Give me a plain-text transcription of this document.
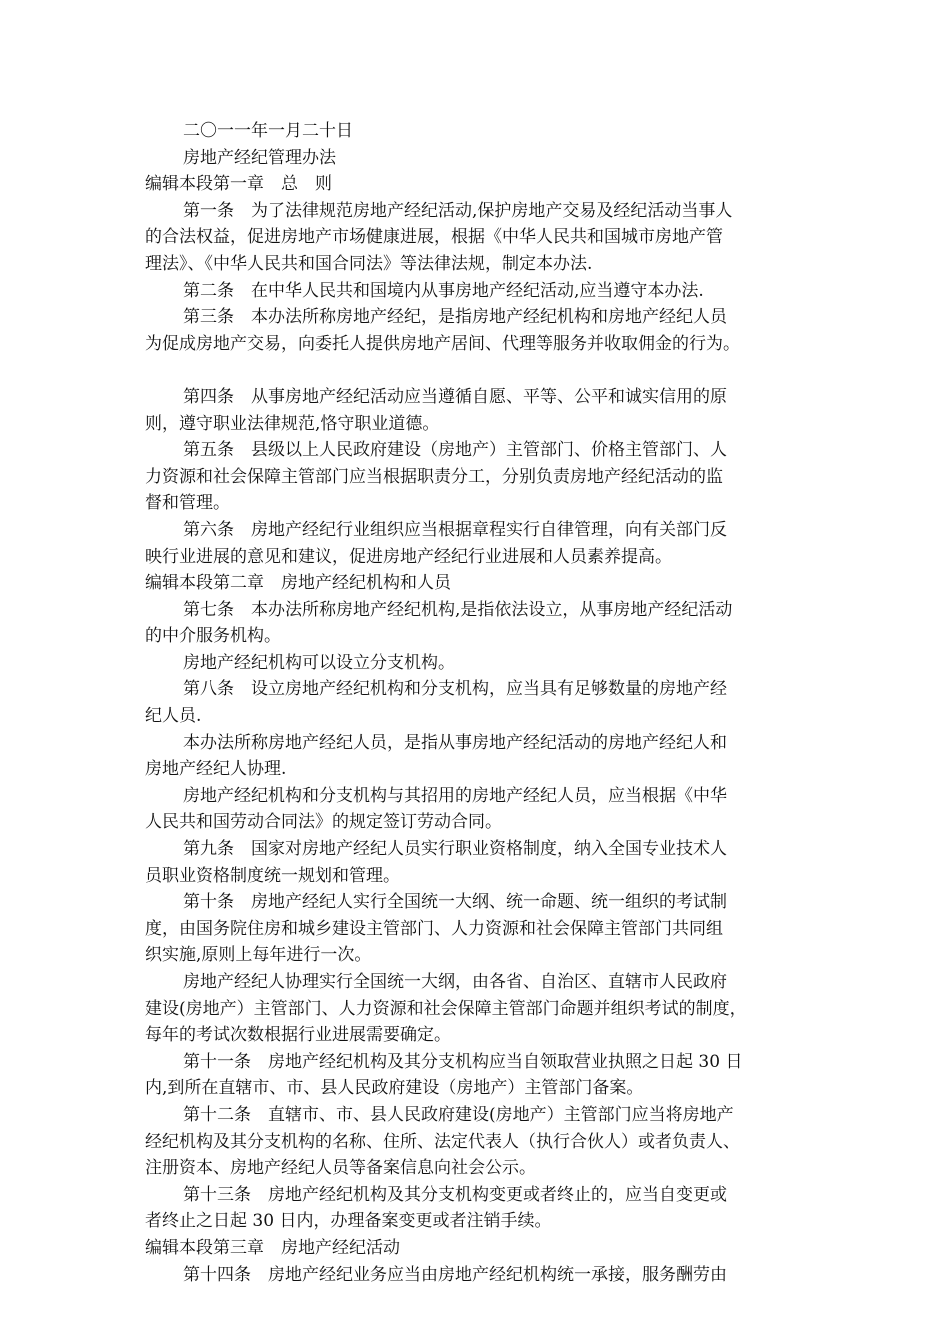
二〇一一年一月二十日
房地产经纪管理办法
编辑本段第一章　总　则
第一条　为了法律规范房地产经纪活动,保护房地产交易及经纪活动当事人
的合法权益，促进房地产市场健康进展，根据《中华人民共和国城市房地产管
理法》、《中华人民共和国合同法》等法律法规，制定本办法.
第二条　在中华人民共和国境内从事房地产经纪活动,应当遵守本办法.
第三条　本办法所称房地产经纪，是指房地产经纪机构和房地产经纪人员
为促成房地产交易，向委托人提供房地产居间、代理等服务并收取佣金的行为。
第四条　从事房地产经纪活动应当遵循自愿、平等、公平和诚实信用的原
则，遵守职业法律规范,恪守职业道德。
第五条　县级以上人民政府建设（房地产）主管部门、价格主管部门、人
力资源和社会保障主管部门应当根据职责分工，分别负责房地产经纪活动的监
督和管理。
第六条　房地产经纪行业组织应当根据章程实行自律管理，向有关部门反
映行业进展的意见和建议，促进房地产经纪行业进展和人员素养提高。
编辑本段第二章　房地产经纪机构和人员
第七条　本办法所称房地产经纪机构,是指依法设立，从事房地产经纪活动
的中介服务机构。
房地产经纪机构可以设立分支机构。
第八条　设立房地产经纪机构和分支机构，应当具有足够数量的房地产经
纪人员.
本办法所称房地产经纪人员，是指从事房地产经纪活动的房地产经纪人和
房地产经纪人协理.
房地产经纪机构和分支机构与其招用的房地产经纪人员，应当根据《中华
人民共和国劳动合同法》的规定签订劳动合同。
第九条　国家对房地产经纪人员实行职业资格制度，纳入全国专业技术人
员职业资格制度统一规划和管理。
第十条　房地产经纪人实行全国统一大纲、统一命题、统一组织的考试制
度，由国务院住房和城乡建设主管部门、人力资源和社会保障主管部门共同组
织实施,原则上每年进行一次。
房地产经纪人协理实行全国统一大纲，由各省、自治区、直辖市人民政府
建设(房地产）主管部门、人力资源和社会保障主管部门命题并组织考试的制度，
每年的考试次数根据行业进展需要确定。
第十一条　房地产经纪机构及其分支机构应当自领取营业执照之日起 30 日
内,到所在直辖市、市、县人民政府建设（房地产）主管部门备案。
第十二条　直辖市、市、县人民政府建设(房地产）主管部门应当将房地产
经纪机构及其分支机构的名称、住所、法定代表人（执行合伙人）或者负责人、
注册资本、房地产经纪人员等备案信息向社会公示。
第十三条　房地产经纪机构及其分支机构变更或者终止的，应当自变更或
者终止之日起 30 日内，办理备案变更或者注销手续。
编辑本段第三章　房地产经纪活动
第十四条　房地产经纪业务应当由房地产经纪机构统一承接，服务酬劳由
